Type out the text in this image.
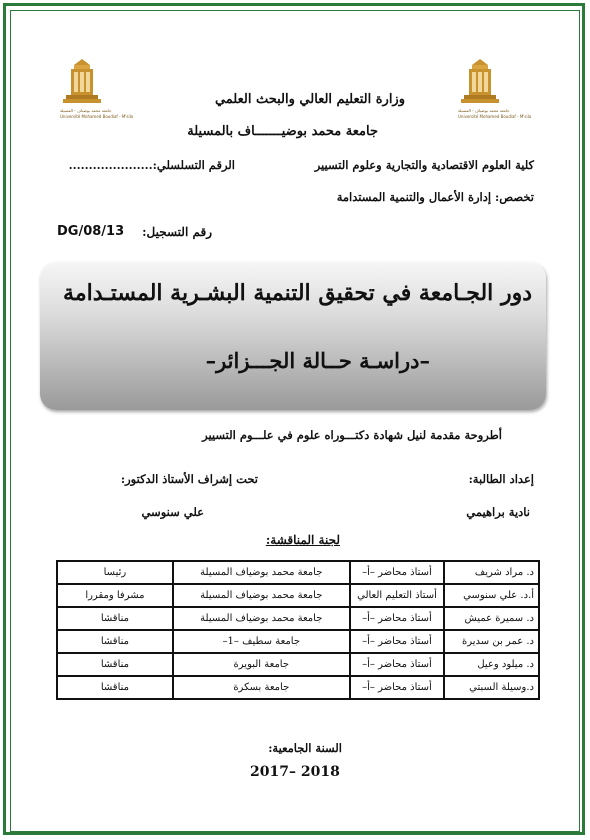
جامعة محمد بوضياف - المسيلة
Université Mohamed Boudiaf - M'sila
جامعة محمد بوضياف - المسيلة
Université Mohamed Boudiaf - M'sila
وزارة التعليم العالي والبحث العلمي
جامعة محمد بوضيـــــــاف بالمسيلة
كلية العلوم الاقتصادية والتجارية وعلوم التسيير
الرقم التسلسلي:.....................
تخصص: إدارة الأعمال والتنمية المستدامة
رقم التسجيل:
DG/08/13
دور الجـامعة في تحقيق التنمية البشـرية المستـدامة
–دراسـة حــالة الجـــزائر–
أطروحة مقدمة لنيل شهادة دكتـــوراه علوم في علـــوم التسيير
إعداد الطالبة:
نادية براهيمي
تحت إشراف الأستاذ الدكتور:
علي سنوسي
لجنة المناقشة:
د. مراد شريف	أستاذ محاضر –أ–	جامعة محمد بوضياف المسيلة	رئيسا
أ.د. علي سنوسي	أستاذ التعليم العالي	جامعة محمد بوضياف المسيلة	مشرفا ومقررا
د. سميرة عميش	أستاذ محاضر –أ–	جامعة محمد بوضياف المسيلة	مناقشا
د. عمر بن سديرة	أستاذ محاضر –أ–	جامعة سطيف –1–	مناقشا
د. ميلود وعيل	أستاذ محاضر –أ–	جامعة البويرة	مناقشا
د.وسيلة السبتي	أستاذ محاضر –أ–	جامعة بسكرة	مناقشا
السنة الجامعية:
2017– 2018
